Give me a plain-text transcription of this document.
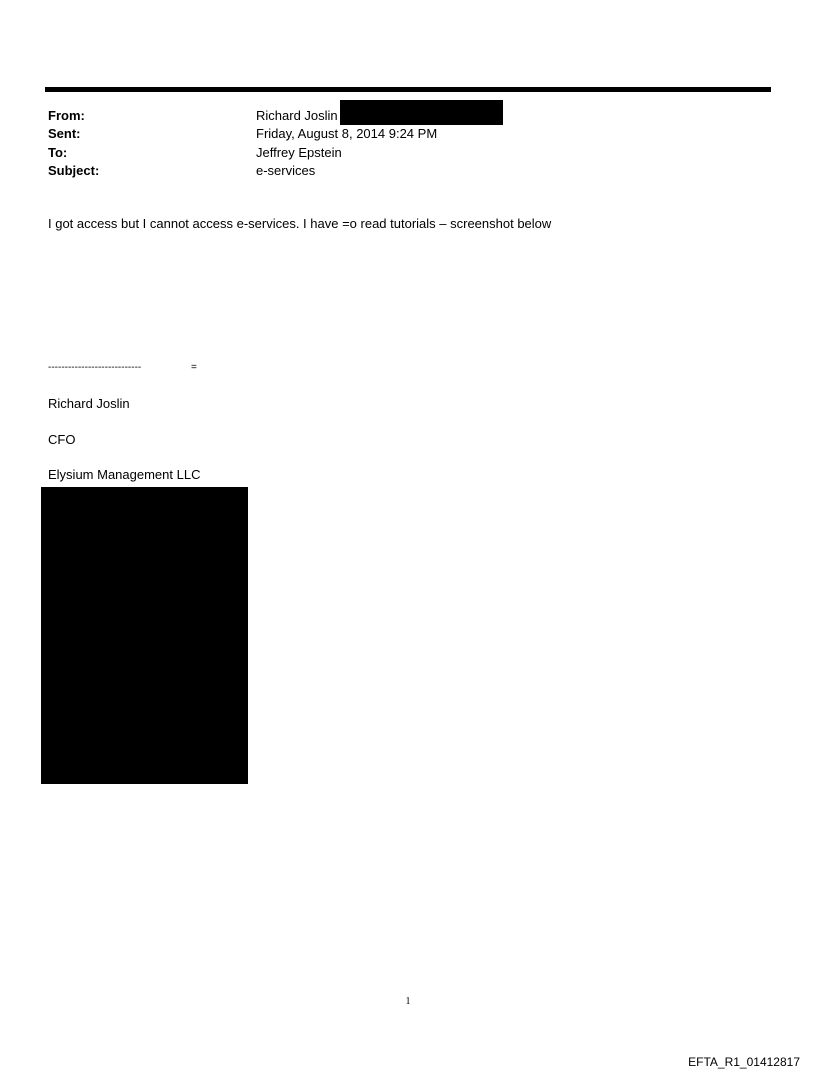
From:	Richard Joslin
Sent:	Friday, August 8, 2014 9:24 PM
To:	Jeffrey Epstein
Subject:	e-services
I got access but I cannot access e-services. I have =o read tutorials – screenshot below
----------------------------	=
Richard Joslin
CFO
Elysium Management LLC
1
EFTA_R1_01412817
